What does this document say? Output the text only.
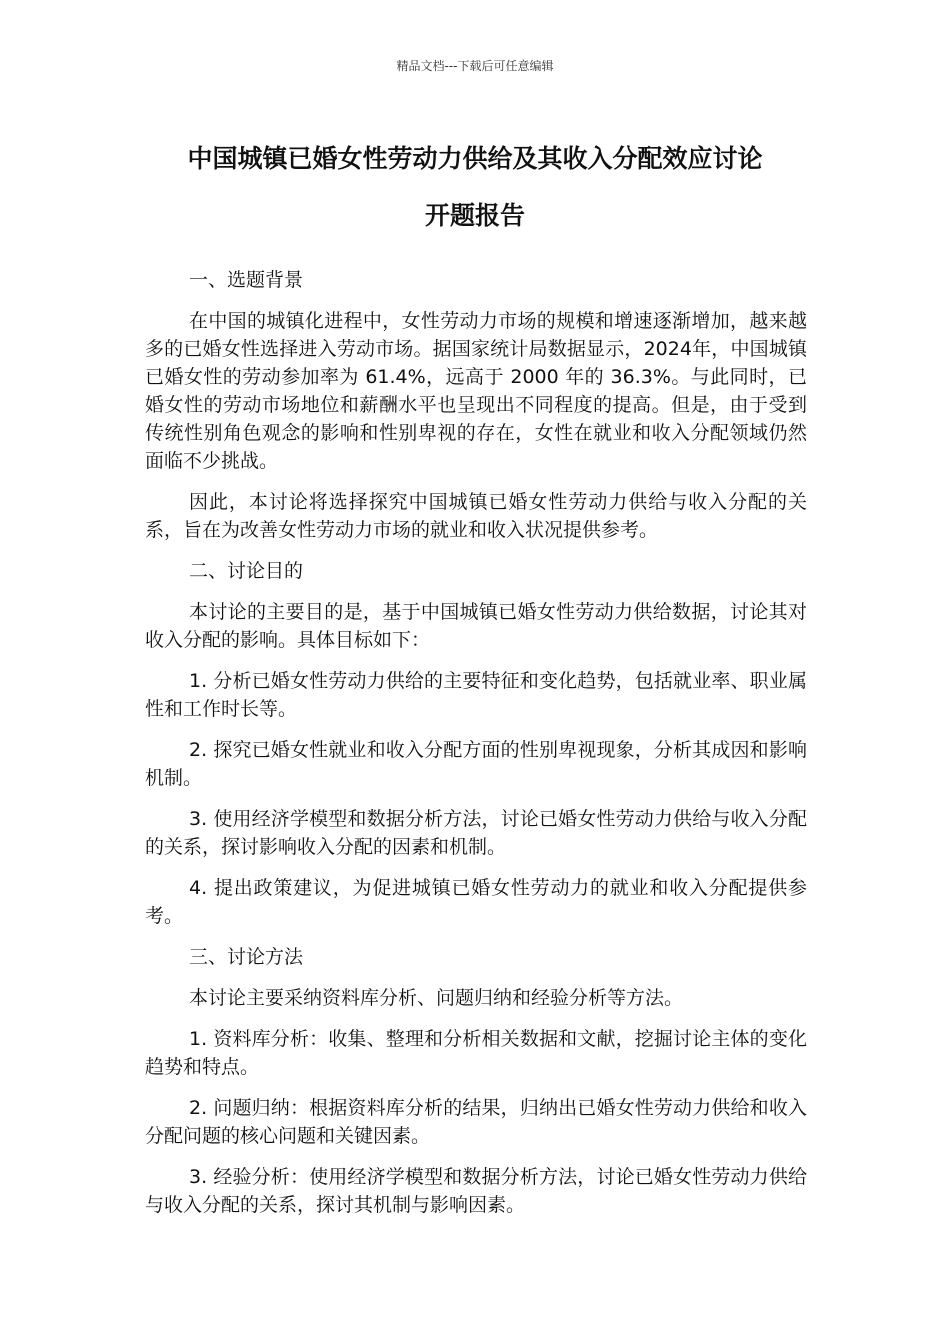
精品文档---下载后可任意编辑
中国城镇已婚女性劳动力供给及其收入分配效应讨论
开题报告

一、选题背景

在中国的城镇化进程中，女性劳动力市场的规模和增速逐渐增加，越来越多的已婚女性选择进入劳动市场。据国家统计局数据显示，2024年，中国城镇已婚女性的劳动参加率为 61.4%，远高于 2000 年的 36.3%。与此同时，已婚女性的劳动市场地位和薪酬水平也呈现出不同程度的提高。但是，由于受到传统性别角色观念的影响和性别卑视的存在，女性在就业和收入分配领域仍然面临不少挑战。

因此，本讨论将选择探究中国城镇已婚女性劳动力供给与收入分配的关系，旨在为改善女性劳动力市场的就业和收入状况提供参考。

二、讨论目的

本讨论的主要目的是，基于中国城镇已婚女性劳动力供给数据，讨论其对收入分配的影响。具体目标如下：

1. 分析已婚女性劳动力供给的主要特征和变化趋势，包括就业率、职业属性和工作时长等。

2. 探究已婚女性就业和收入分配方面的性别卑视现象，分析其成因和影响机制。

3. 使用经济学模型和数据分析方法，讨论已婚女性劳动力供给与收入分配的关系，探讨影响收入分配的因素和机制。

4. 提出政策建议，为促进城镇已婚女性劳动力的就业和收入分配提供参考。

三、讨论方法

本讨论主要采纳资料库分析、问题归纳和经验分析等方法。

1. 资料库分析：收集、整理和分析相关数据和文献，挖掘讨论主体的变化趋势和特点。

2. 问题归纳：根据资料库分析的结果，归纳出已婚女性劳动力供给和收入分配问题的核心问题和关键因素。

3. 经验分析：使用经济学模型和数据分析方法，讨论已婚女性劳动力供给与收入分配的关系，探讨其机制与影响因素。
